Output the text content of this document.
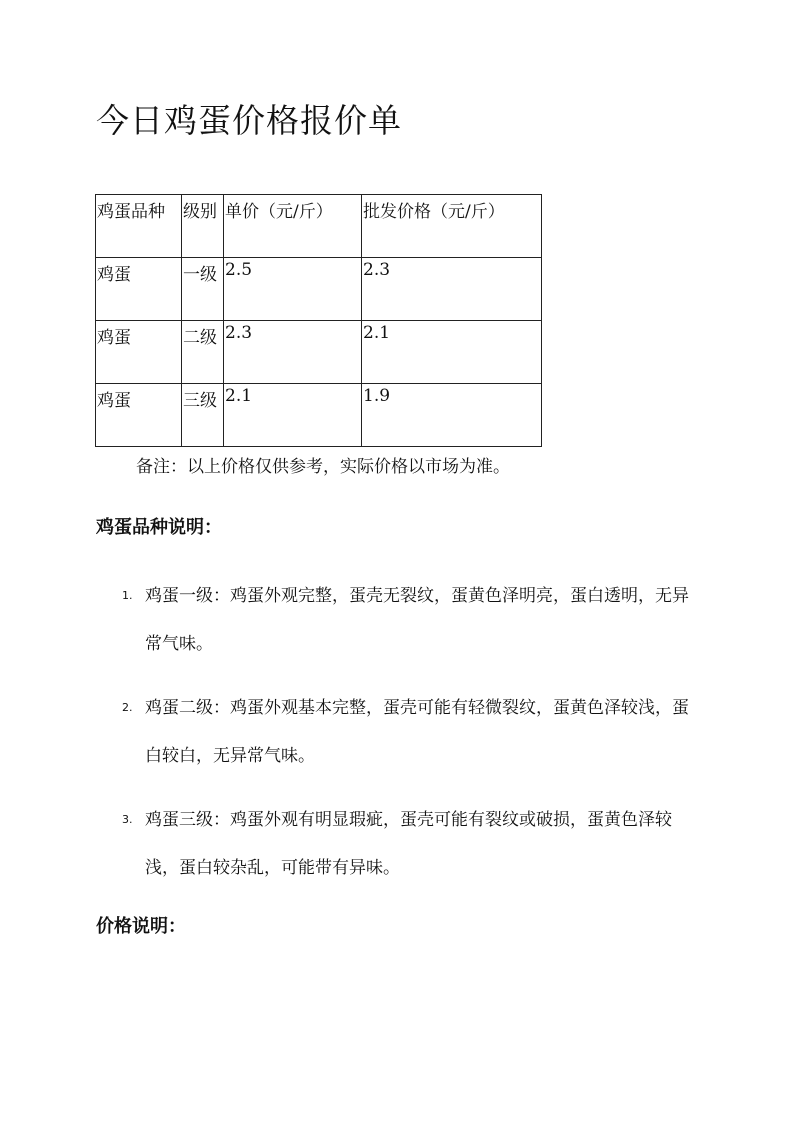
今日鸡蛋价格报价单
鸡蛋品种	级别	单价（元/斤）	批发价格（元/斤）
鸡蛋	一级	2.5	2.3
鸡蛋	二级	2.3	2.1
鸡蛋	三级	2.1	1.9

备注：以上价格仅供参考，实际价格以市场为准。

鸡蛋品种说明：
1. 鸡蛋一级：鸡蛋外观完整，蛋壳无裂纹，蛋黄色泽明亮，蛋白透明，无异常气味。
2. 鸡蛋二级：鸡蛋外观基本完整，蛋壳可能有轻微裂纹，蛋黄色泽较浅，蛋白较白，无异常气味。
3. 鸡蛋三级：鸡蛋外观有明显瑕疵，蛋壳可能有裂纹或破损，蛋黄色泽较浅，蛋白较杂乱，可能带有异味。
价格说明：
